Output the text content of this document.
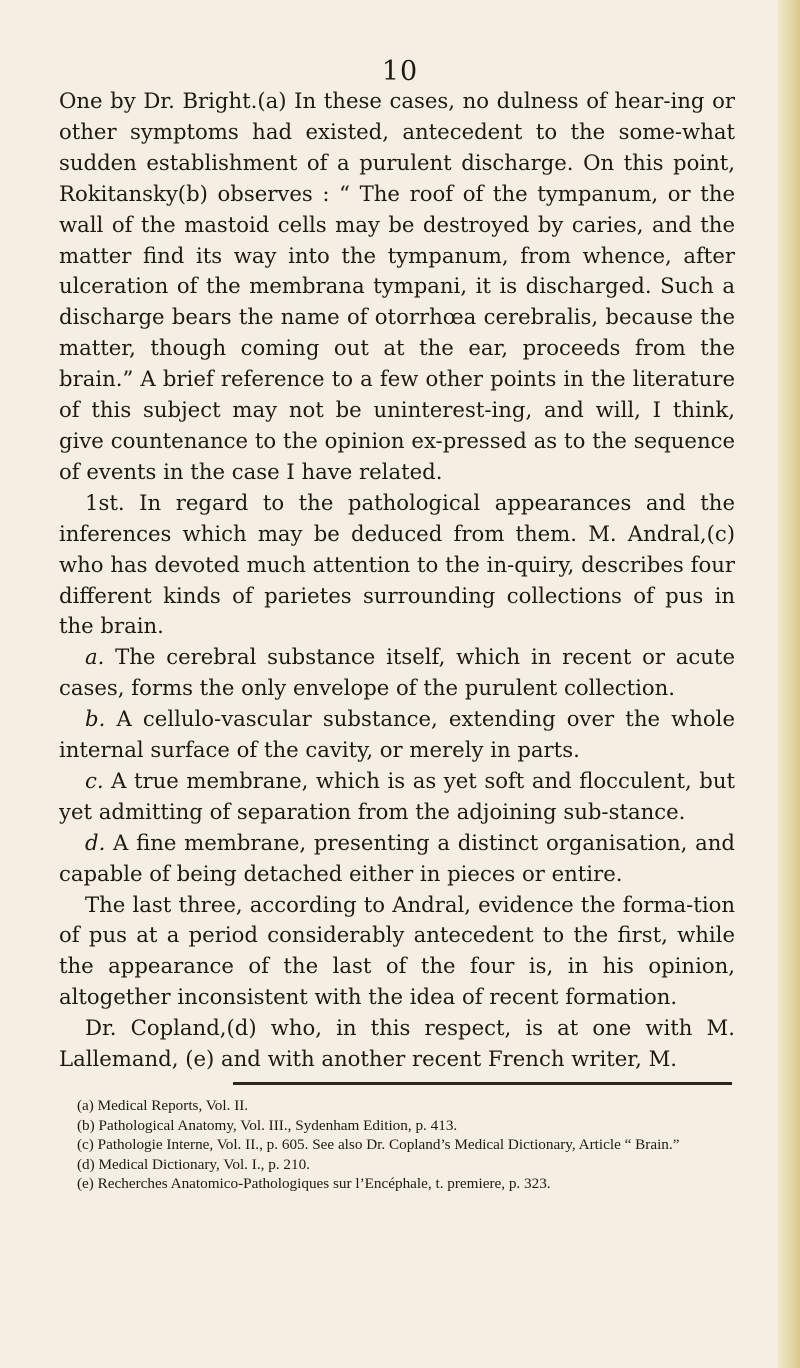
10

One by Dr. Bright.(a) In these cases, no dulness of hear-ing or other symptoms had existed, antecedent to the some-what sudden establishment of a purulent discharge. On this point, Rokitansky(b) observes : “ The roof of the tympanum, or the wall of the mastoid cells may be destroyed by caries, and the matter find its way into the tympanum, from whence, after ulceration of the membrana tympani, it is discharged. Such a discharge bears the name of otorrhœa cerebralis, because the matter, though coming out at the ear, proceeds from the brain.” A brief reference to a few other points in the literature of this subject may not be uninterest-ing, and will, I think, give countenance to the opinion ex-pressed as to the sequence of events in the case I have related.

1st. In regard to the pathological appearances and the inferences which may be deduced from them. M. Andral,(c) who has devoted much attention to the in-quiry, describes four different kinds of parietes surrounding collections of pus in the brain.

a. The cerebral substance itself, which in recent or acute cases, forms the only envelope of the purulent collection.

b. A cellulo-vascular substance, extending over the whole internal surface of the cavity, or merely in parts.

c. A true membrane, which is as yet soft and flocculent, but yet admitting of separation from the adjoining sub-stance.

d. A fine membrane, presenting a distinct organisation, and capable of being detached either in pieces or entire.

The last three, according to Andral, evidence the forma-tion of pus at a period considerably antecedent to the first, while the appearance of the last of the four is, in his opinion, altogether inconsistent with the idea of recent formation.

Dr. Copland,(d) who, in this respect, is at one with M. Lallemand, (e) and with another recent French writer, M.

(a) Medical Reports, Vol. II.

(b) Pathological Anatomy, Vol. III., Sydenham Edition, p. 413.

(c) Pathologie Interne, Vol. II., p. 605. See also Dr. Copland’s Medical Dictionary, Article “ Brain.”

(d) Medical Dictionary, Vol. I., p. 210.

(e) Recherches Anatomico-Pathologiques sur l’Encéphale, t. premiere, p. 323.
